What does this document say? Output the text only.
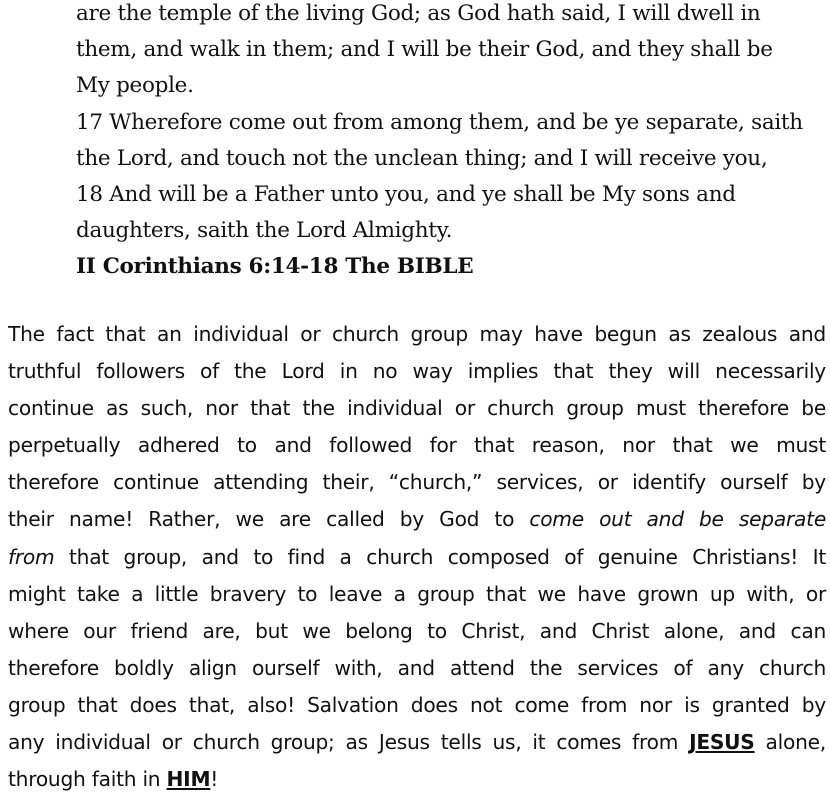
are the temple of the living God; as God hath said, I will dwell in
them, and walk in them; and I will be their God, and they shall be
My people.
17 Wherefore come out from among them, and be ye separate, saith
the Lord, and touch not the unclean thing; and I will receive you,
18 And will be a Father unto you, and ye shall be My sons and
daughters, saith the Lord Almighty.
II Corinthians 6:14-18 The BIBLE
The fact that an individual or church group may have begun as zealous and
truthful followers of the Lord in no way implies that they will necessarily
continue as such, nor that the individual or church group must therefore be
perpetually adhered to and followed for that reason, nor that we must
therefore continue attending their, “church,” services, or identify ourself by
their name! Rather, we are called by God to come out and be separate
from that group, and to find a church composed of genuine Christians! It
might take a little bravery to leave a group that we have grown up with, or
where our friend are, but we belong to Christ, and Christ alone, and can
therefore boldly align ourself with, and attend the services of any church
group that does that, also! Salvation does not come from nor is granted by
any individual or church group; as Jesus tells us, it comes from JESUS alone,
through faith in HIM!
